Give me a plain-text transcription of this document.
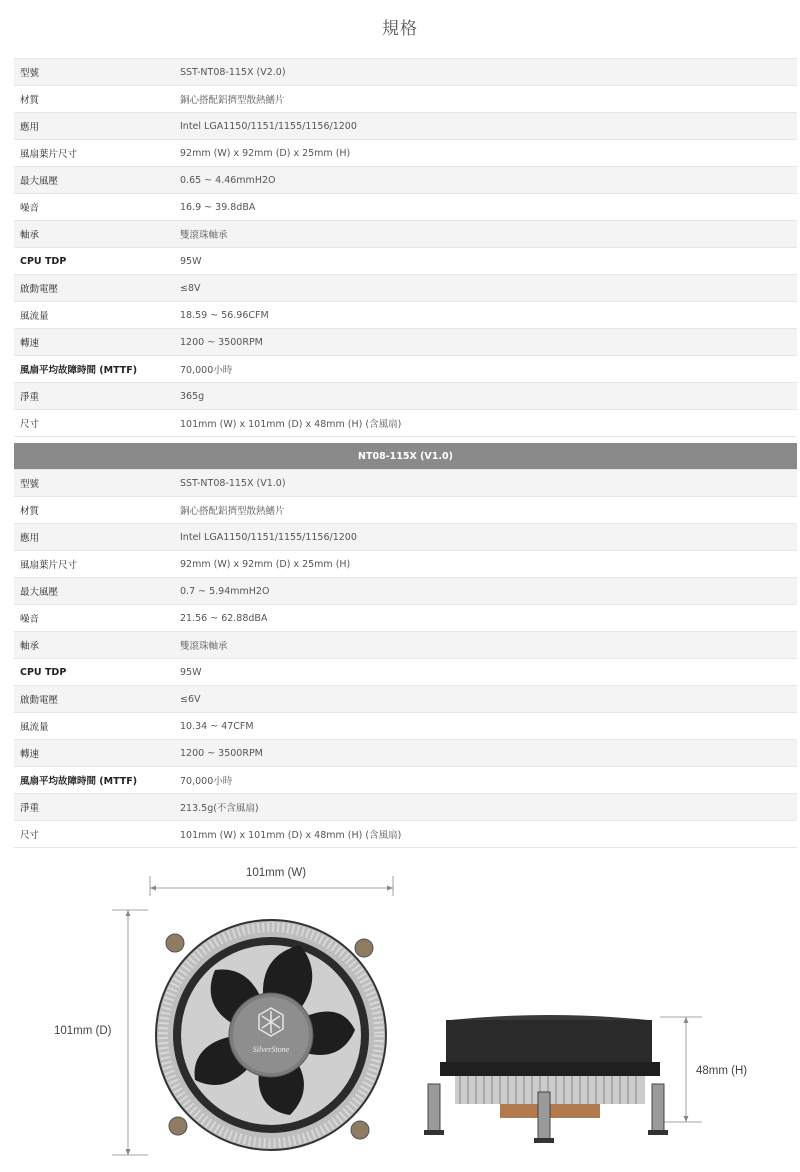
規格
型號	SST-NT08-115X (V2.0)
材質	銅心搭配鋁擠型散熱鰭片
應用	Intel LGA1150/1151/1155/1156/1200
風扇葉片尺寸	92mm (W) x 92mm (D) x 25mm (H)
最大風壓	0.65 ~ 4.46mmH2O
噪音	16.9 ~ 39.8dBA
軸承	雙滾珠軸承
CPU TDP	95W
啟動電壓	≤8V
風流量	18.59 ~ 56.96CFM
轉速	1200 ~ 3500RPM
風扇平均故障時間 (MTTF)	70,000小時
淨重	365g
尺寸	101mm (W) x 101mm (D) x 48mm (H) (含風扇)
NT08-115X (V1.0)	
型號	SST-NT08-115X (V1.0)
材質	銅心搭配鋁擠型散熱鰭片
應用	Intel LGA1150/1151/1155/1156/1200
風扇葉片尺寸	92mm (W) x 92mm (D) x 25mm (H)
最大風壓	0.7 ~ 5.94mmH2O
噪音	21.56 ~ 62.88dBA
軸承	雙滾珠軸承
CPU TDP	95W
啟動電壓	≤6V
風流量	10.34 ~ 47CFM
轉速	1200 ~ 3500RPM
風扇平均故障時間 (MTTF)	70,000小時
淨重	213.5g(不含風扇)
尺寸	101mm (W) x 101mm (D) x 48mm (H) (含風扇)
101mm (W)
101mm (D)
48mm (H)
SilverStone
